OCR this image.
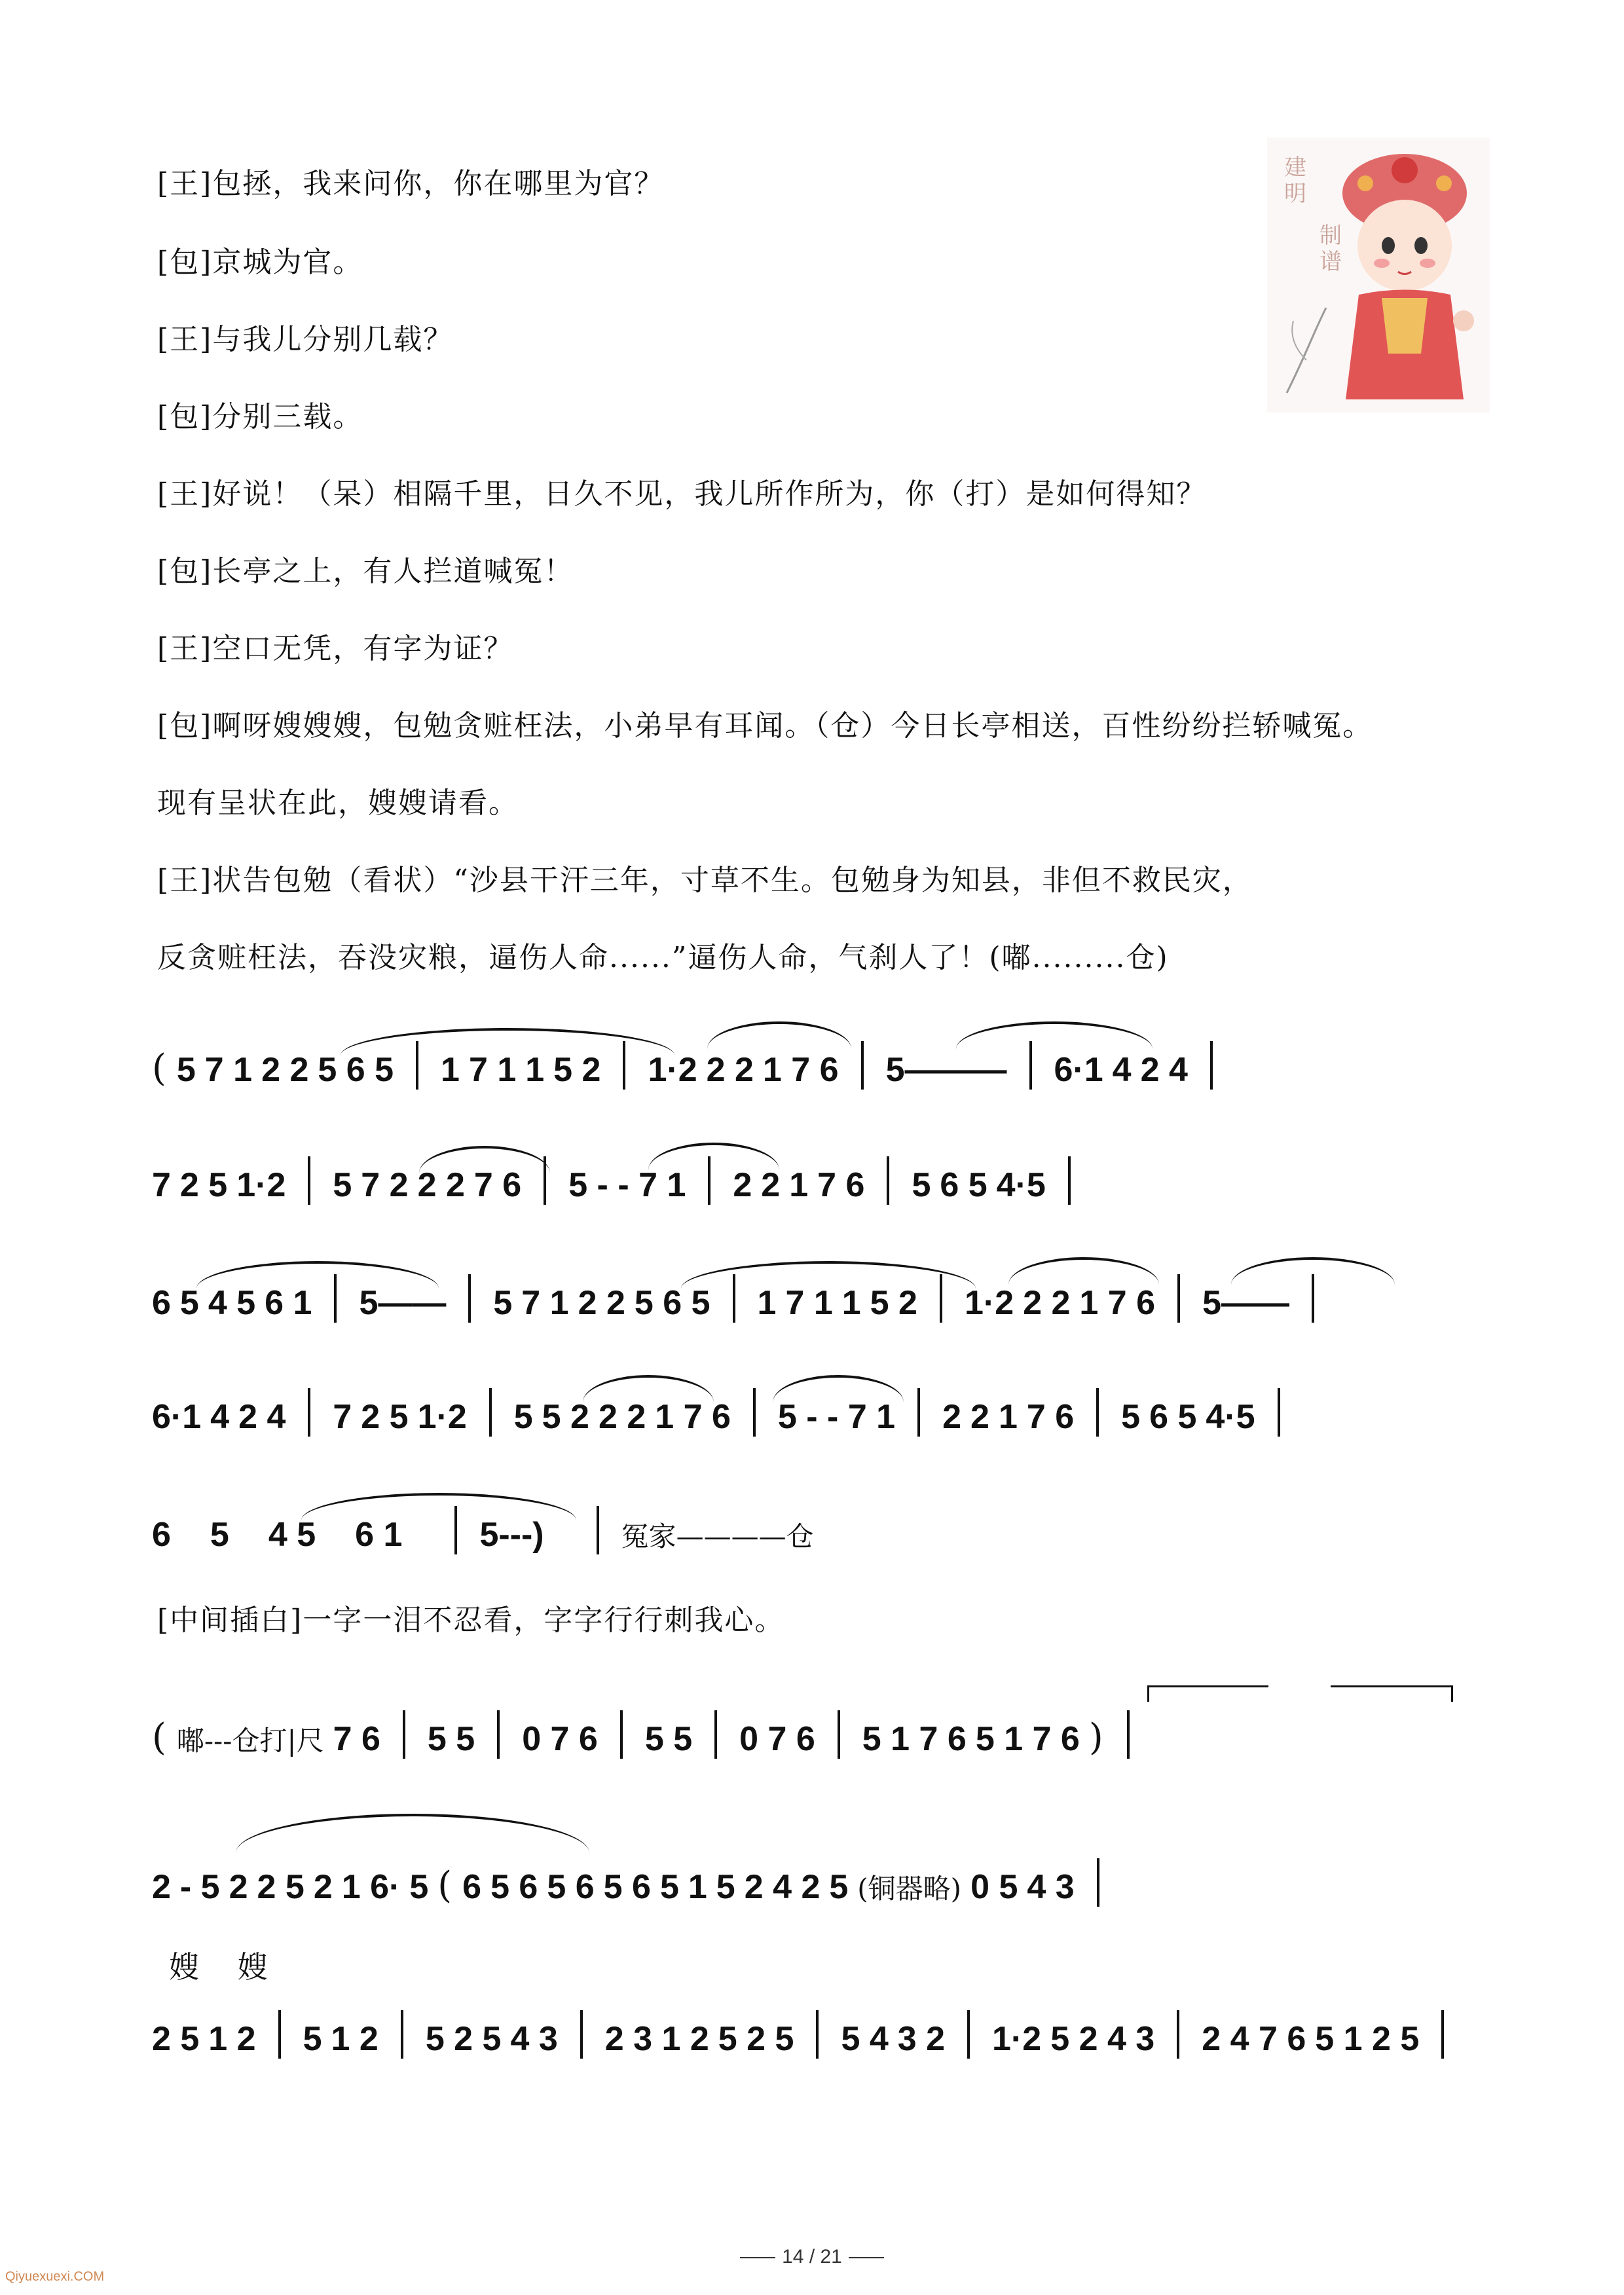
建
明
制
谱
[王]包拯，我来问你，你在哪里为官？
[包]京城为官。
[王]与我儿分别几载？
[包]分别三载。
[王]好说！（呆）相隔千里，日久不见，我儿所作所为，你（打）是如何得知？
[包]长亭之上，有人拦道喊冤！
[王]空口无凭，有字为证？
[包]啊呀嫂嫂嫂，包勉贪赃枉法，小弟早有耳闻。（仓）今日长亭相送，百性纷纷拦轿喊冤。
现有呈状在此，嫂嫂请看。
[王]状告包勉（看状）“沙县干汗三年，寸草不生。包勉身为知县，非但不救民灾，
反贪赃枉法，吞没灾粮，逼伤人命......”逼伤人命，气刹人了！(嘟.........仓)
( 5 7 1 2 2 5 6 5 1 7 1 1 5 2 1·2 2 2 1 7 6 5——— 6·1 4 2 4
7 2 5 1·2 5 7 2 2 2 7 6 5 - - 7 1 2 2 1 7 6 5 6 5 4·5
6 5 4 5 6 1 5—— 5 7 1 2 2 5 6 5 1 7 1 1 5 2 1·2 2 2 1 7 6 5——
6·1 4 2 4 7 2 5 1·2 5 5 2 2 2 1 7 6 5 - - 7 1 2 2 1 7 6 5 6 5 4·5
6 5 4 5 6 1 5---)	冤家————仓
[中间插白]一字一泪不忍看，字字行行刺我心。
( 嘟---仓打|尺 7 6 5 5 0 7 6 5 5 0 7 6 5 1 7 6 5 1 7 6 )
2 - 5 2 2 5 2 1 6· 5 ( 6 5 6 5 6 5 6 5 1 5 2 4 2 5 (铜器略) 0 5 4 3
嫂 嫂
2 5 1 2 5 1 2 5 2 5 4 3 2 3 1 2 5 2 5 5 4 3 2 1·2 5 2 4 3 2 4 7 6 5 1 2 5
14 / 21
Qiyuexuexi.COM
